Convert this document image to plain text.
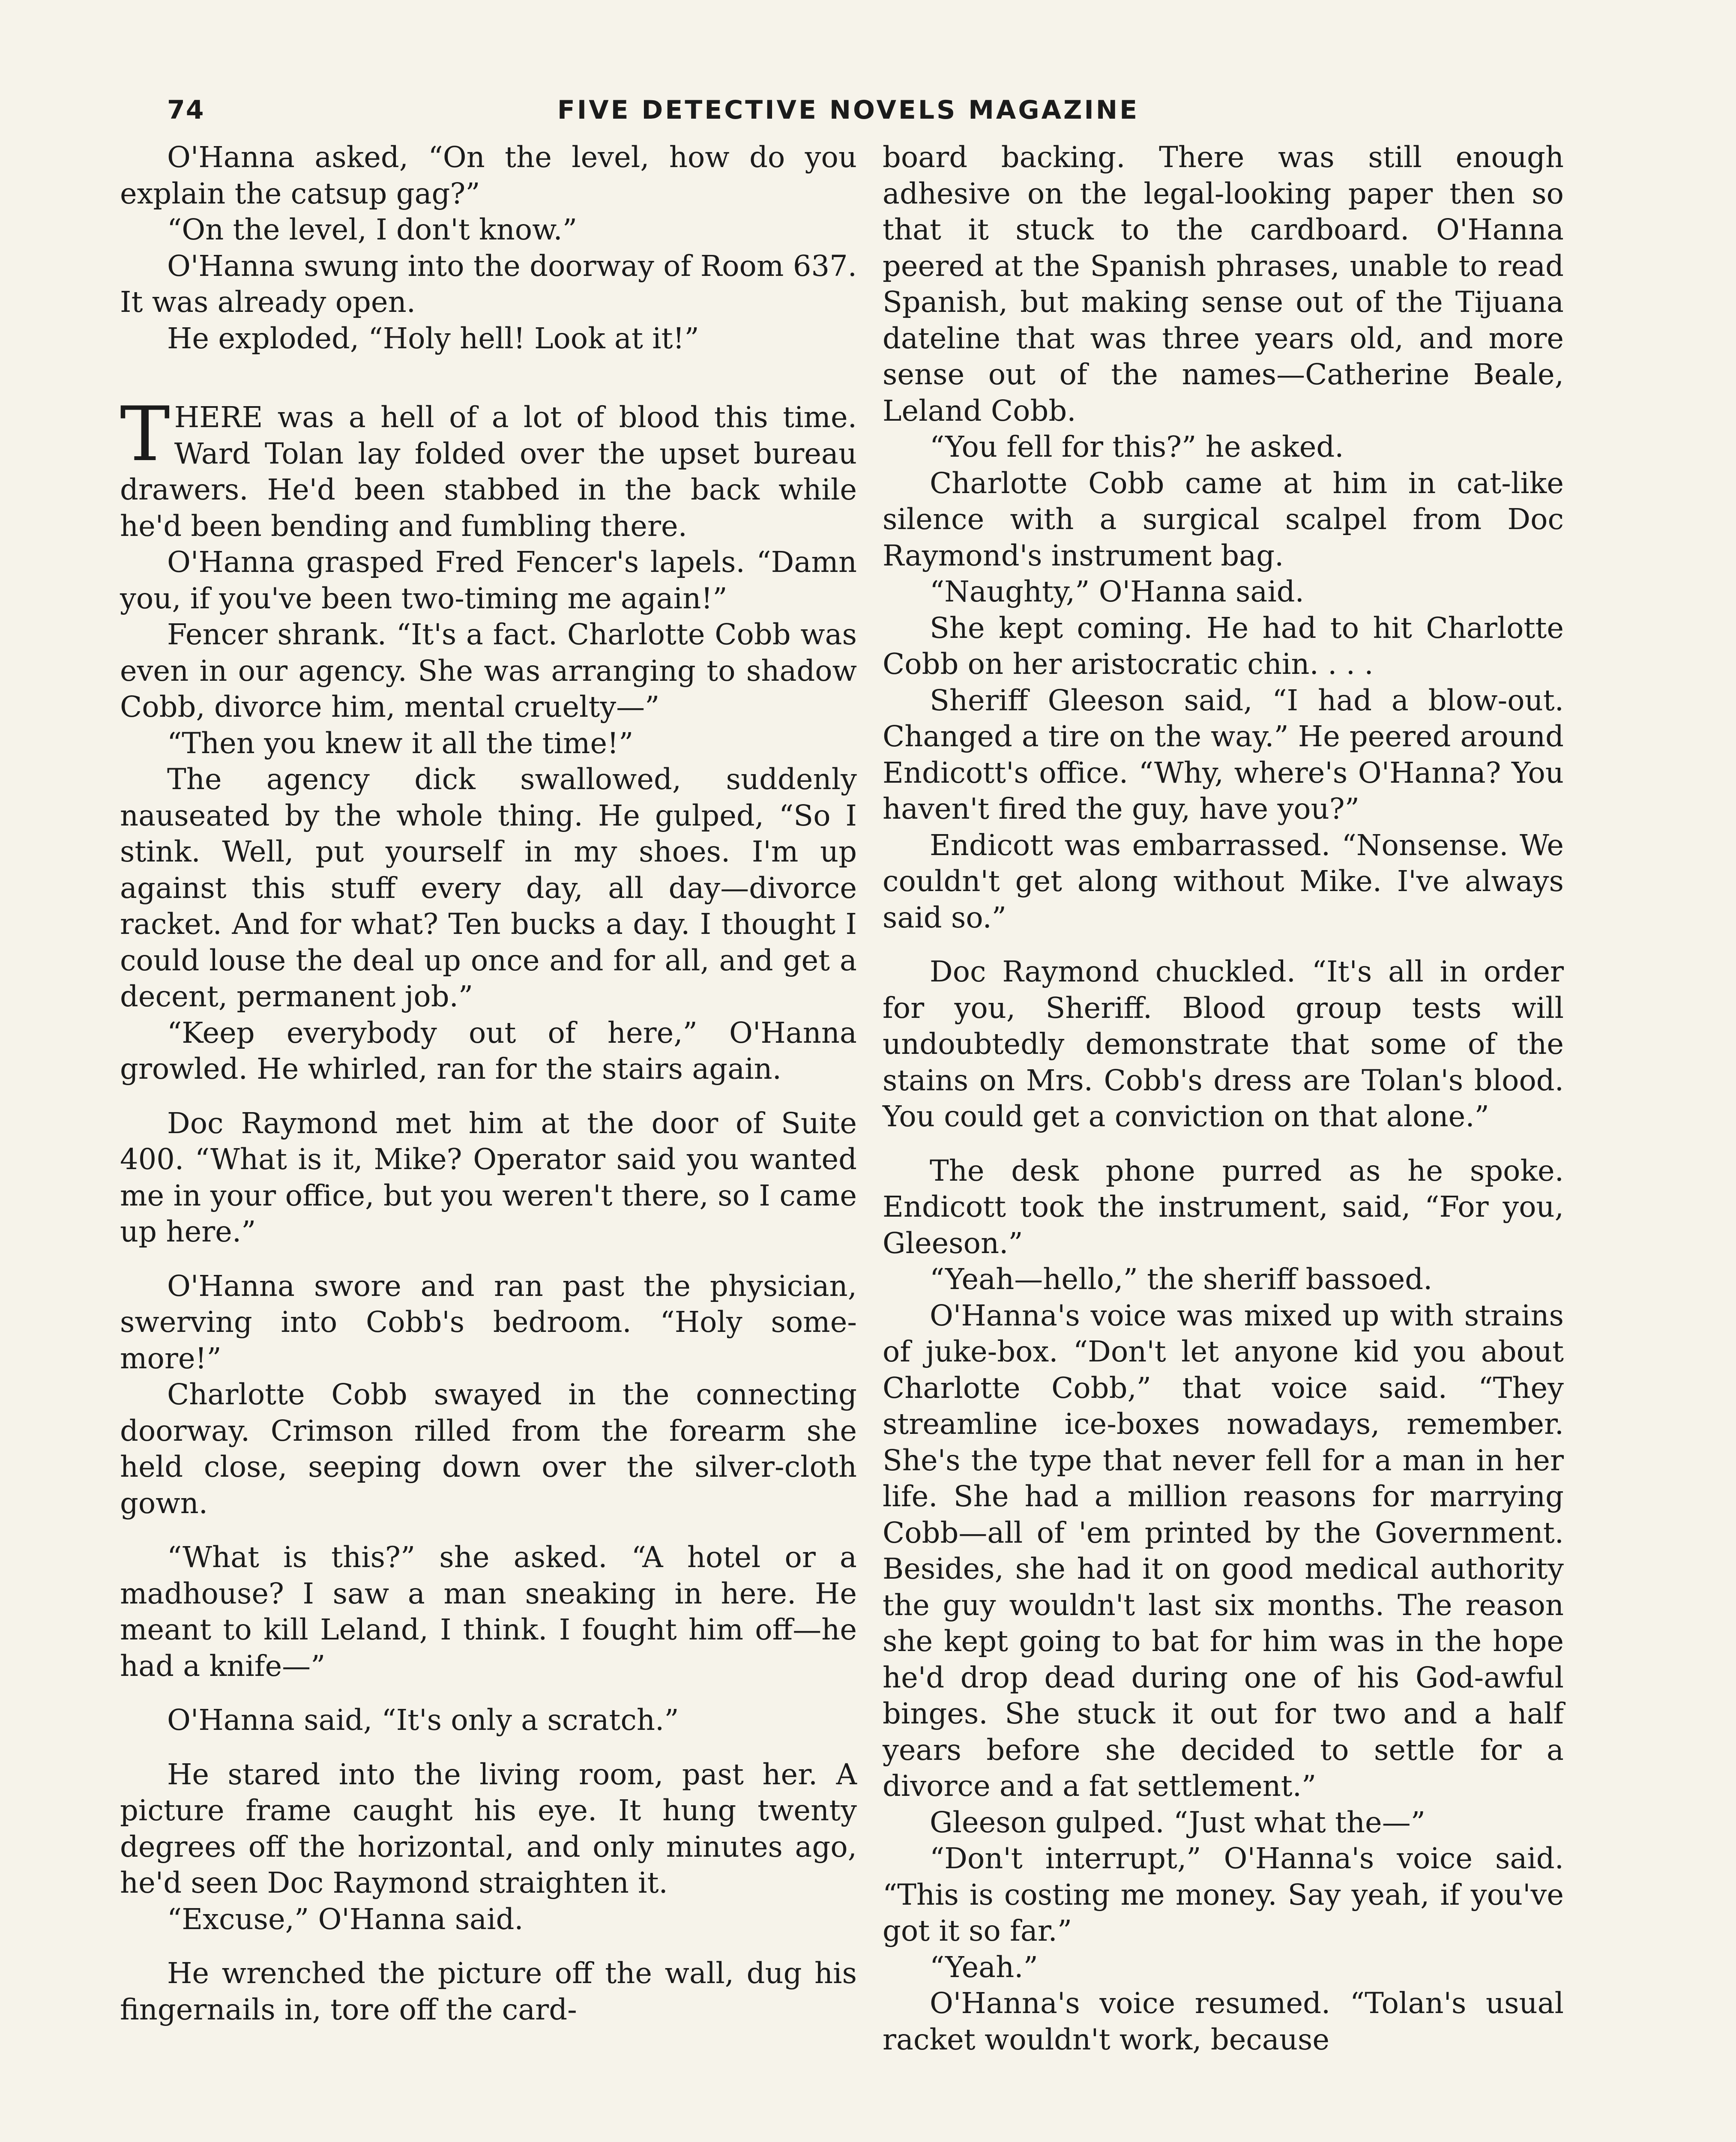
74	FIVE DETECTIVE NOVELS MAGAZINE

O'Hanna asked, “On the level, how do you explain the catsup gag?”

“On the level, I don't know.”

O'Hanna swung into the doorway of Room 637. It was already open.

He exploded, “Holy hell! Look at it!”

THERE was a hell of a lot of blood this time. Ward Tolan lay folded over the upset bureau drawers. He'd been stabbed in the back while he'd been bending and fumbling there.

O'Hanna grasped Fred Fencer's lapels. “Damn you, if you've been two-timing me again!”

Fencer shrank. “It's a fact. Charlotte Cobb was even in our agency. She was arranging to shadow Cobb, divorce him, mental cruelty—”

“Then you knew it all the time!”

The agency dick swallowed, suddenly nauseated by the whole thing. He gulped, “So I stink. Well, put yourself in my shoes. I'm up against this stuff every day, all day—divorce racket. And for what? Ten bucks a day. I thought I could louse the deal up once and for all, and get a decent, permanent job.”

“Keep everybody out of here,” O'Hanna growled. He whirled, ran for the stairs again.

Doc Raymond met him at the door of Suite 400. “What is it, Mike? Operator said you wanted me in your office, but you weren't there, so I came up here.”

O'Hanna swore and ran past the physician, swerving into Cobb's bedroom. “Holy some-more!”

Charlotte Cobb swayed in the connecting doorway. Crimson rilled from the forearm she held close, seeping down over the silver-cloth gown.

“What is this?” she asked. “A hotel or a madhouse? I saw a man sneaking in here. He meant to kill Leland, I think. I fought him off—he had a knife—”

O'Hanna said, “It's only a scratch.”

He stared into the living room, past her. A picture frame caught his eye. It hung twenty degrees off the horizontal, and only minutes ago, he'd seen Doc Raymond straighten it.

“Excuse,” O'Hanna said.

He wrenched the picture off the wall, dug his fingernails in, tore off the card-

board backing. There was still enough adhesive on the legal-looking paper then so that it stuck to the cardboard. O'Hanna peered at the Spanish phrases, unable to read Spanish, but making sense out of the Tijuana dateline that was three years old, and more sense out of the names—Catherine Beale, Leland Cobb.

“You fell for this?” he asked.

Charlotte Cobb came at him in cat-like silence with a surgical scalpel from Doc Raymond's instrument bag.

“Naughty,” O'Hanna said.

She kept coming. He had to hit Charlotte Cobb on her aristocratic chin. . . .

Sheriff Gleeson said, “I had a blow-out. Changed a tire on the way.” He peered around Endicott's office. “Why, where's O'Hanna? You haven't fired the guy, have you?”

Endicott was embarrassed. “Nonsense. We couldn't get along without Mike. I've always said so.”

Doc Raymond chuckled. “It's all in order for you, Sheriff. Blood group tests will undoubtedly demonstrate that some of the stains on Mrs. Cobb's dress are Tolan's blood. You could get a conviction on that alone.”

The desk phone purred as he spoke. Endicott took the instrument, said, “For you, Gleeson.”

“Yeah—hello,” the sheriff bassoed.

O'Hanna's voice was mixed up with strains of juke-box. “Don't let anyone kid you about Charlotte Cobb,” that voice said. “They streamline ice-boxes nowadays, remember. She's the type that never fell for a man in her life. She had a million reasons for marrying Cobb—all of 'em printed by the Government. Besides, she had it on good medical authority the guy wouldn't last six months. The reason she kept going to bat for him was in the hope he'd drop dead during one of his God-awful binges. She stuck it out for two and a half years before she decided to settle for a divorce and a fat settlement.”

Gleeson gulped. “Just what the—”

“Don't interrupt,” O'Hanna's voice said. “This is costing me money. Say yeah, if you've got it so far.”

“Yeah.”

O'Hanna's voice resumed. “Tolan's usual racket wouldn't work, because
